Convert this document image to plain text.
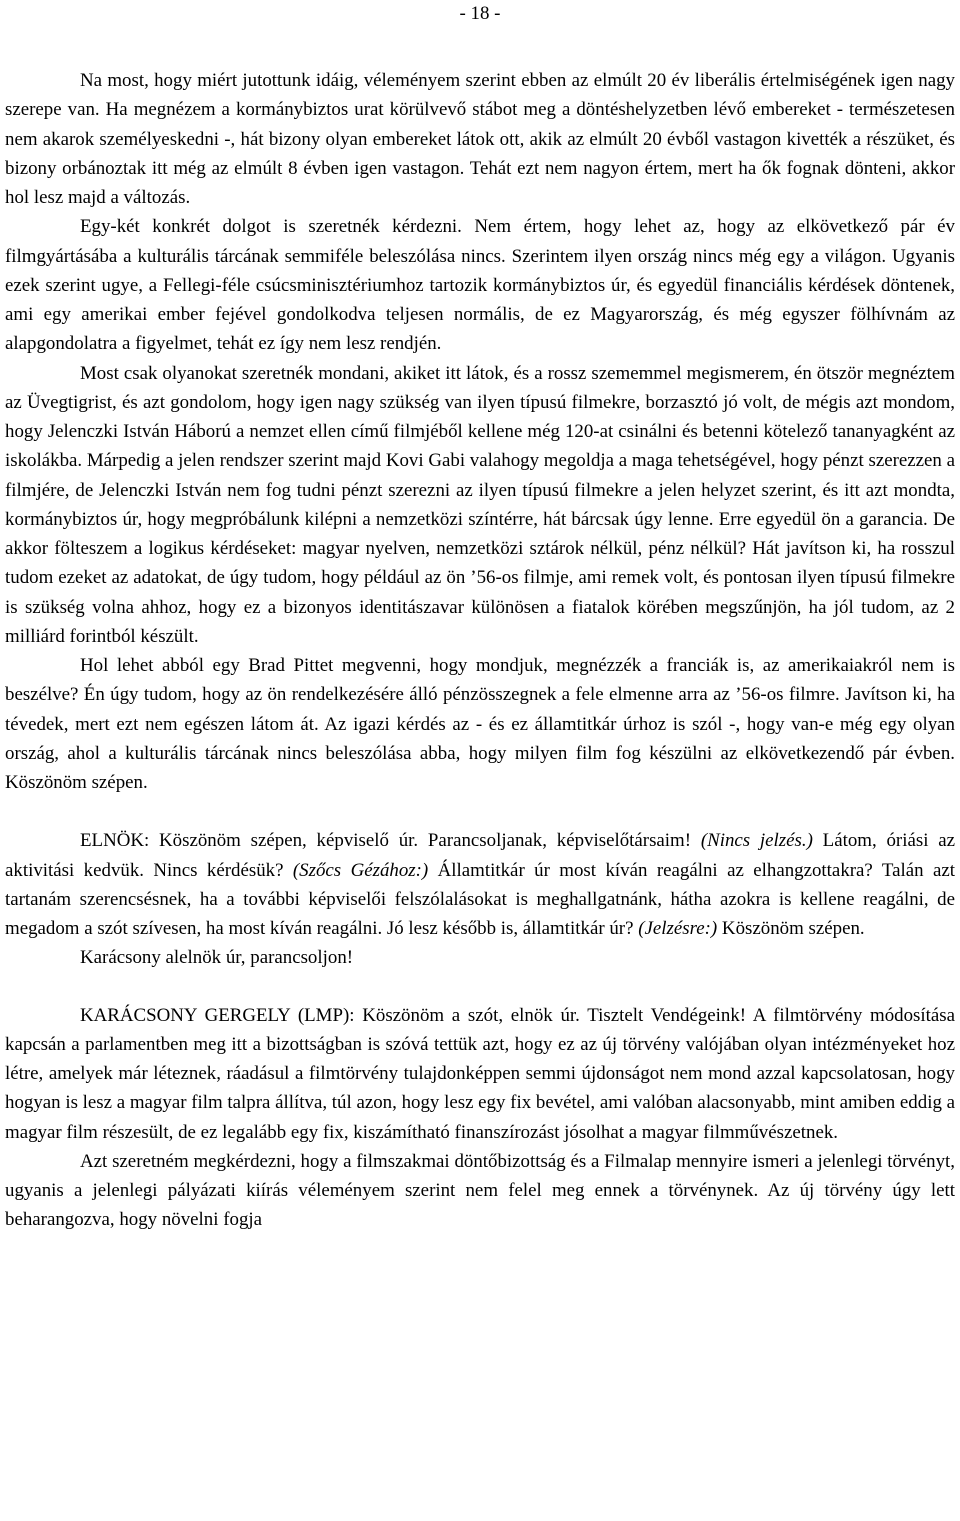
- 18 -

Na most, hogy miért jutottunk idáig, véleményem szerint ebben az elmúlt 20 év liberális értelmiségének igen nagy szerepe van. Ha megnézem a kormánybiztos urat körülvevő stábot meg a döntéshelyzetben lévő embereket - természetesen nem akarok személyeskedni -, hát bizony olyan embereket látok ott, akik az elmúlt 20 évből vastagon kivették a részüket, és bizony orbánoztak itt még az elmúlt 8 évben igen vastagon. Tehát ezt nem nagyon értem, mert ha ők fognak dönteni, akkor hol lesz majd a változás.

Egy-két konkrét dolgot is szeretnék kérdezni. Nem értem, hogy lehet az, hogy az elkövetkező pár év filmgyártásába a kulturális tárcának semmiféle beleszólása nincs. Szerintem ilyen ország nincs még egy a világon. Ugyanis ezek szerint ugye, a Fellegi-féle csúcsminisztériumhoz tartozik kormánybiztos úr, és egyedül financiális kérdések döntenek, ami egy amerikai ember fejével gondolkodva teljesen normális, de ez Magyarország, és még egyszer fölhívnám az alapgondolatra a figyelmet, tehát ez így nem lesz rendjén.

Most csak olyanokat szeretnék mondani, akiket itt látok, és a rossz szememmel megismerem, én ötször megnéztem az Üvegtigrist, és azt gondolom, hogy igen nagy szükség van ilyen típusú filmekre, borzasztó jó volt, de mégis azt mondom, hogy Jelenczki István Háború a nemzet ellen című filmjéből kellene még 120-at csinálni és betenni kötelező tananyagként az iskolákba. Márpedig a jelen rendszer szerint majd Kovi Gabi valahogy megoldja a maga tehetségével, hogy pénzt szerezzen a filmjére, de Jelenczki István nem fog tudni pénzt szerezni az ilyen típusú filmekre a jelen helyzet szerint, és itt azt mondta, kormánybiztos úr, hogy megpróbálunk kilépni a nemzetközi színtérre, hát bárcsak úgy lenne. Erre egyedül ön a garancia. De akkor fölteszem a logikus kérdéseket: magyar nyelven, nemzetközi sztárok nélkül, pénz nélkül? Hát javítson ki, ha rosszul tudom ezeket az adatokat, de úgy tudom, hogy például az ön ’56-os filmje, ami remek volt, és pontosan ilyen típusú filmekre is szükség volna ahhoz, hogy ez a bizonyos identitászavar különösen a fiatalok körében megszűnjön, ha jól tudom, az 2 milliárd forintból készült.

Hol lehet abból egy Brad Pittet megvenni, hogy mondjuk, megnézzék a franciák is, az amerikaiakról nem is beszélve? Én úgy tudom, hogy az ön rendelkezésére álló pénzösszegnek a fele elmenne arra az ’56-os filmre. Javítson ki, ha tévedek, mert ezt nem egészen látom át. Az igazi kérdés az - és ez államtitkár úrhoz is szól -, hogy van-e még egy olyan ország, ahol a kulturális tárcának nincs beleszólása abba, hogy milyen film fog készülni az elkövetkezendő pár évben. Köszönöm szépen.

ELNÖK: Köszönöm szépen, képviselő úr. Parancsoljanak, képviselőtársaim! (Nincs jelzés.) Látom, óriási az aktivitási kedvük. Nincs kérdésük? (Szőcs Gézához:) Államtitkár úr most kíván reagálni az elhangzottakra? Talán azt tartanám szerencsésnek, ha a további képviselői felszólalásokat is meghallgatnánk, hátha azokra is kellene reagálni, de megadom a szót szívesen, ha most kíván reagálni. Jó lesz később is, államtitkár úr? (Jelzésre:) Köszönöm szépen.

Karácsony alelnök úr, parancsoljon!

KARÁCSONY GERGELY (LMP): Köszönöm a szót, elnök úr. Tisztelt Vendégeink! A filmtörvény módosítása kapcsán a parlamentben meg itt a bizottságban is szóvá tettük azt, hogy ez az új törvény valójában olyan intézményeket hoz létre, amelyek már léteznek, ráadásul a filmtörvény tulajdonképpen semmi újdonságot nem mond azzal kapcsolatosan, hogy hogyan is lesz a magyar film talpra állítva, túl azon, hogy lesz egy fix bevétel, ami valóban alacsonyabb, mint amiben eddig a magyar film részesült, de ez legalább egy fix, kiszámítható finanszírozást jósolhat a magyar filmművészetnek.

Azt szeretném megkérdezni, hogy a filmszakmai döntőbizottság és a Filmalap mennyire ismeri a jelenlegi törvényt, ugyanis a jelenlegi pályázati kiírás véleményem szerint nem felel meg ennek a törvénynek. Az új törvény úgy lett beharangozva, hogy növelni fogja
